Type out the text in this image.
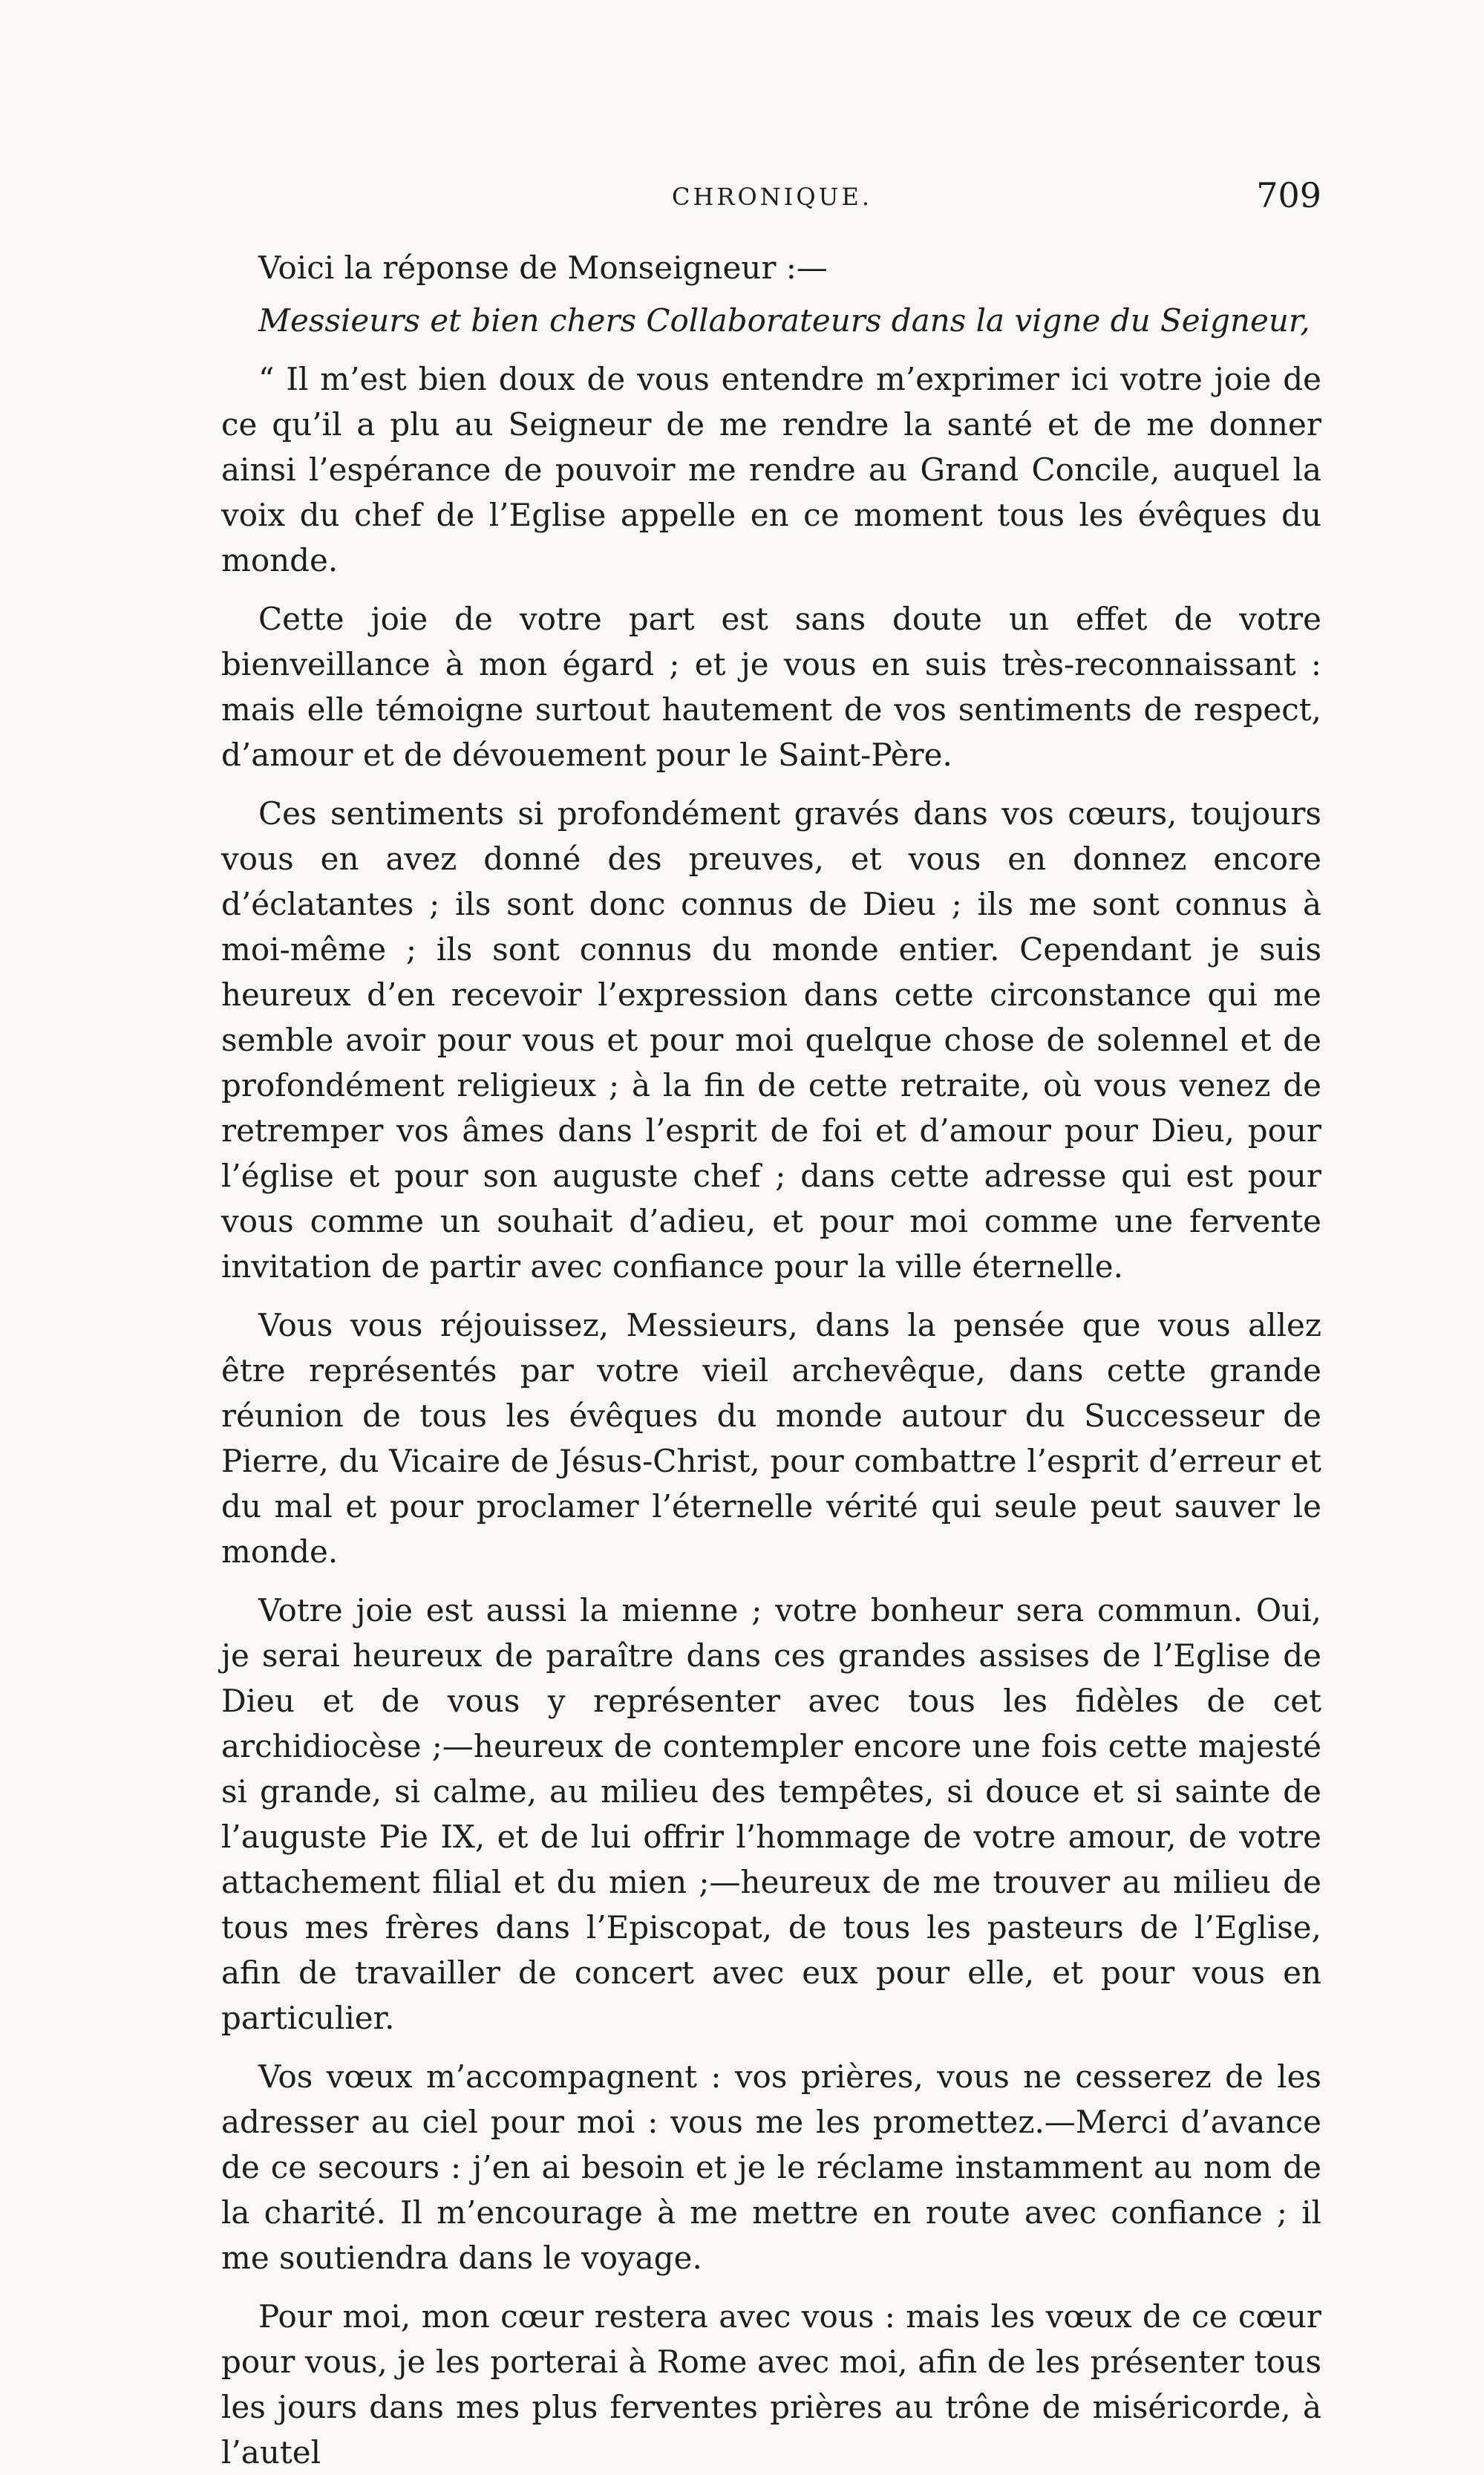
CHRONIQUE.	709

Voici la réponse de Monseigneur :—

Messieurs et bien chers Collaborateurs dans la vigne du Seigneur,

“ Il m’est bien doux de vous entendre m’exprimer ici votre joie de ce qu’il a plu au Seigneur de me rendre la santé et de me donner ainsi l’espérance de pouvoir me rendre au Grand Concile, auquel la voix du chef de l’Eglise appelle en ce moment tous les évêques du monde.

Cette joie de votre part est sans doute un effet de votre bienveillance à mon égard ; et je vous en suis très-reconnaissant : mais elle témoigne surtout hautement de vos sentiments de respect, d’amour et de dévouement pour le Saint-Père.

Ces sentiments si profondément gravés dans vos cœurs, toujours vous en avez donné des preuves, et vous en donnez encore d’éclatantes ; ils sont donc connus de Dieu ; ils me sont connus à moi-même ; ils sont connus du monde entier. Cependant je suis heureux d’en recevoir l’expression dans cette circonstance qui me semble avoir pour vous et pour moi quelque chose de solennel et de profondément religieux ; à la fin de cette retraite, où vous venez de retremper vos âmes dans l’esprit de foi et d’amour pour Dieu, pour l’église et pour son auguste chef ; dans cette adresse qui est pour vous comme un souhait d’adieu, et pour moi comme une fervente invitation de partir avec confiance pour la ville éternelle.

Vous vous réjouissez, Messieurs, dans la pensée que vous allez être représentés par votre vieil archevêque, dans cette grande réunion de tous les évêques du monde autour du Successeur de Pierre, du Vicaire de Jésus-Christ, pour combattre l’esprit d’erreur et du mal et pour proclamer l’éternelle vérité qui seule peut sauver le monde.

Votre joie est aussi la mienne ; votre bonheur sera commun. Oui, je serai heureux de paraître dans ces grandes assises de l’Eglise de Dieu et de vous y représenter avec tous les fidèles de cet archidiocèse ;—heureux de contempler encore une fois cette majesté si grande, si calme, au milieu des tempêtes, si douce et si sainte de l’auguste Pie IX, et de lui offrir l’hommage de votre amour, de votre attachement filial et du mien ;—heureux de me trouver au milieu de tous mes frères dans l’Episcopat, de tous les pasteurs de l’Eglise, afin de travailler de concert avec eux pour elle, et pour vous en particulier.

Vos vœux m’accompagnent : vos prières, vous ne cesserez de les adresser au ciel pour moi : vous me les promettez.—Merci d’avance de ce secours : j’en ai besoin et je le réclame instamment au nom de la charité. Il m’encourage à me mettre en route avec confiance ; il me soutiendra dans le voyage.

Pour moi, mon cœur restera avec vous : mais les vœux de ce cœur pour vous, je les porterai à Rome avec moi, afin de les présenter tous les jours dans mes plus ferventes prières au trône de miséricorde, à l’autel
